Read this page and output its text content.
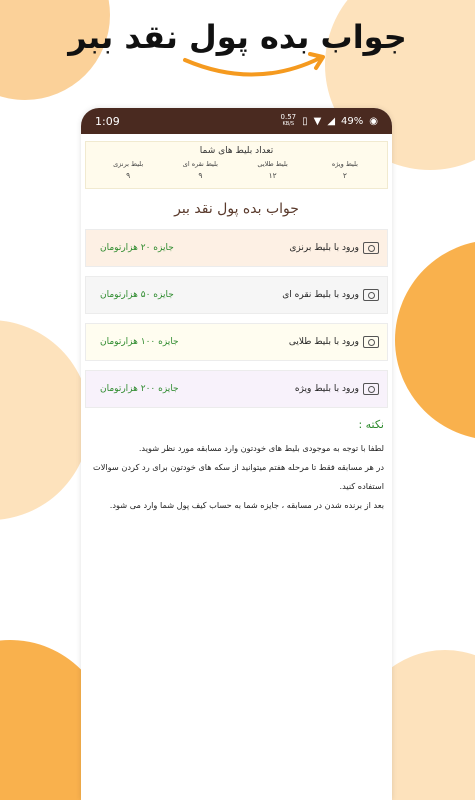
جواب بده پول نقد ببر
1:09	0.57
KB/S ▯ ▼ ◢ 49% ◉
تعداد بلیط های شما
بلیط ویژه
۲
بلیط طلایی
۱۲
بلیط نقره ای
۹
بلیط برنزی
۹
جواب بده پول نقد ببر
ورود با بلیط برنزی
جایزه ۲۰ هزارتومان
ورود با بلیط نقره ای
جایزه ۵۰ هزارتومان
ورود با بلیط طلایی
جایزه ۱۰۰ هزارتومان
ورود با بلیط ویژه
جایزه ۲۰۰ هزارتومان
نکته :
لطفا با توجه به موجودی بلیط های خودتون وارد مسابقه مورد نظر شوید.
در هر مسابقه فقط تا مرحله هفتم میتوانید از سکه های خودتون برای رد کردن سوالات استفاده کنید.
بعد از برنده شدن در مسابقه ، جایزه شما به حساب کیف پول شما وارد می شود.
